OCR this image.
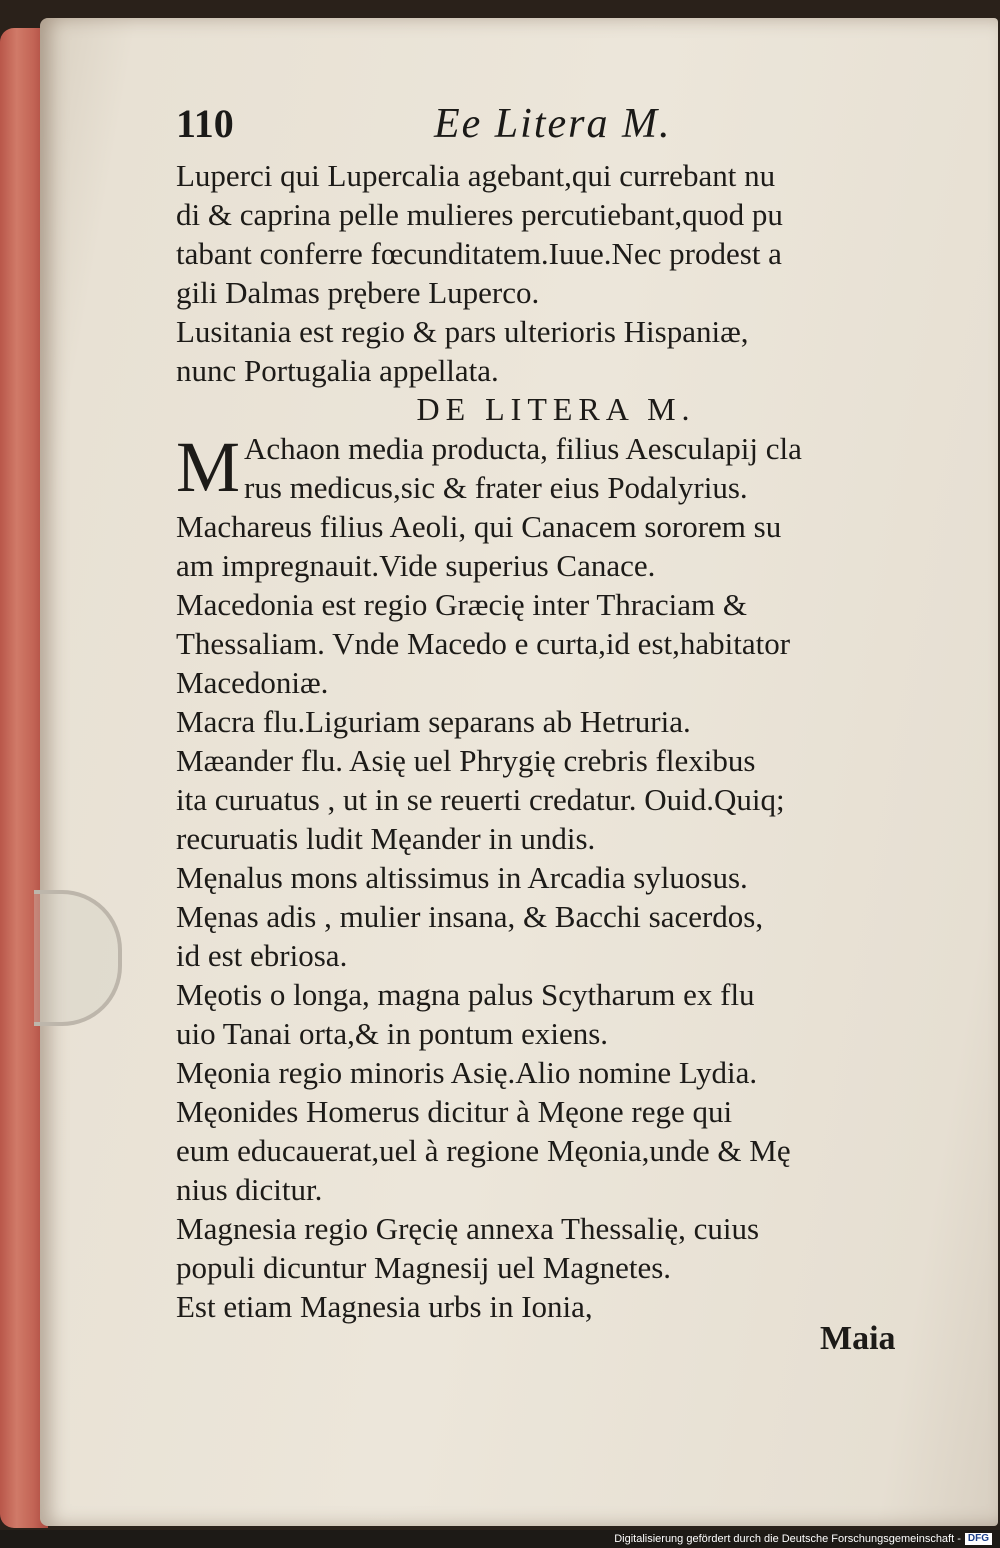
110	Ee Litera M.
Luperci qui Lupercalia agebant,qui currebant nu
di & caprina pelle mulieres percutiebant,quod pu
tabant conferre fœcunditatem.Iuue.Nec prodest a
gili Dalmas prębere Luperco.
Lusitania est regio & pars ulterioris Hispaniæ,
nunc Portugalia appellata.
DE LITERA M.
M Achaon media producta, filius Aesculapij cla
rus medicus,sic & frater eius Podalyrius.
Machareus filius Aeoli, qui Canacem sororem su
am impregnauit.Vide superius Canace.
Macedonia est regio Græcię inter Thraciam &
Thessaliam. Vnde Macedo e curta,id est,habitator
Macedoniæ.
Macra flu.Liguriam separans ab Hetruria.
Mæander flu. Asię uel Phrygię crebris flexibus
ita curuatus , ut in se reuerti credatur. Ouid.Quiq;
recuruatis ludit Męander in undis.
Męnalus mons altissimus in Arcadia syluosus.
Męnas adis , mulier insana, & Bacchi sacerdos,
id est ebriosa.
Męotis o longa, magna palus Scytharum ex flu
uio Tanai orta,& in pontum exiens.
Męonia regio minoris Asię.Alio nomine Lydia.
Męonides Homerus dicitur à Męone rege qui
eum educauerat,uel à regione Męonia,unde & Mę
nius dicitur.
Magnesia regio Gręcię annexa Thessalię, cuius
populi dicuntur Magnesij uel Magnetes.
Est etiam Magnesia urbs in Ionia,
Maia
Digitalisierung gefördert durch die Deutsche Forschungsgemeinschaft - DFG
